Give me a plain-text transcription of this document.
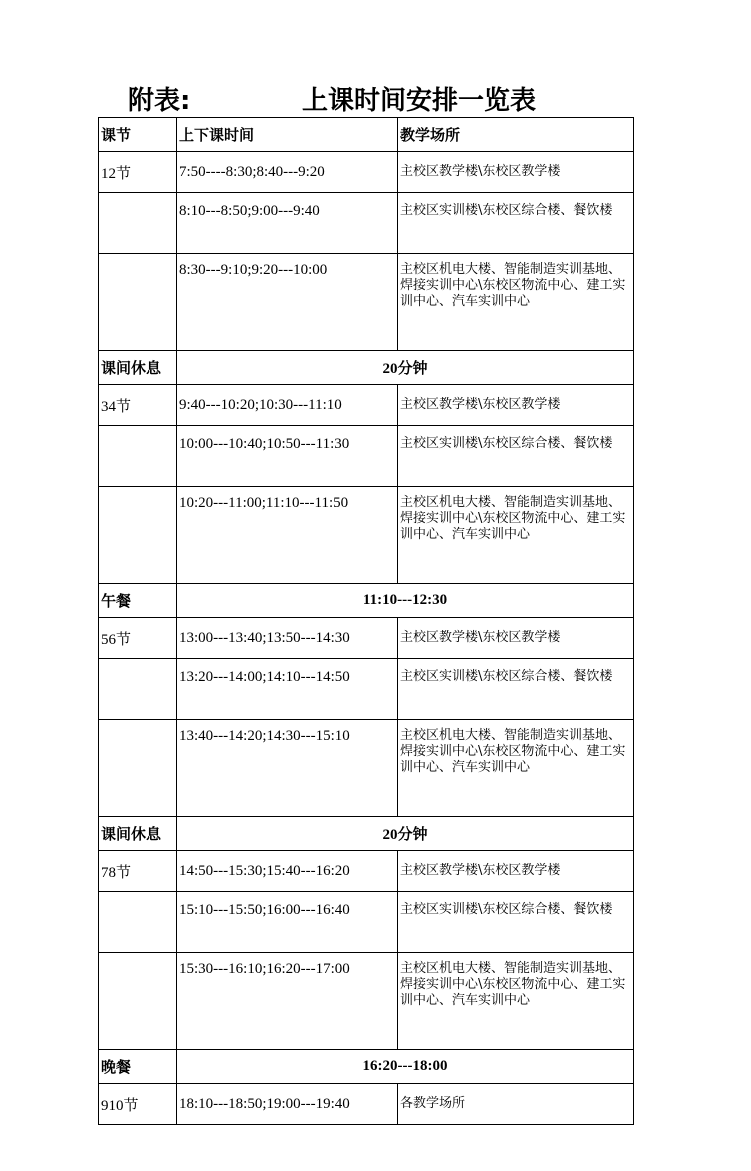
附表:	上课时间安排一览表
课节	上下课时间	教学场所
12节	7:50----8:30;8:40---9:20	主校区教学楼\东校区教学楼
	8:10---8:50;9:00---9:40	主校区实训楼\东校区综合楼、餐饮楼
	8:30---9:10;9:20---10:00	主校区机电大楼、智能制造实训基地、焊接实训中心\东校区物流中心、建工实训中心、汽车实训中心
课间休息	20分钟	
34节	9:40---10:20;10:30---11:10	主校区教学楼\东校区教学楼
	10:00---10:40;10:50---11:30	主校区实训楼\东校区综合楼、餐饮楼
	10:20---11:00;11:10---11:50	主校区机电大楼、智能制造实训基地、焊接实训中心\东校区物流中心、建工实训中心、汽车实训中心
午餐	11:10---12:30	
56节	13:00---13:40;13:50---14:30	主校区教学楼\东校区教学楼
	13:20---14:00;14:10---14:50	主校区实训楼\东校区综合楼、餐饮楼
	13:40---14:20;14:30---15:10	主校区机电大楼、智能制造实训基地、焊接实训中心\东校区物流中心、建工实训中心、汽车实训中心
课间休息	20分钟	
78节	14:50---15:30;15:40---16:20	主校区教学楼\东校区教学楼
	15:10---15:50;16:00---16:40	主校区实训楼\东校区综合楼、餐饮楼
	15:30---16:10;16:20---17:00	主校区机电大楼、智能制造实训基地、焊接实训中心\东校区物流中心、建工实训中心、汽车实训中心
晚餐	16:20---18:00	
910节	18:10---18:50;19:00---19:40	各教学场所
